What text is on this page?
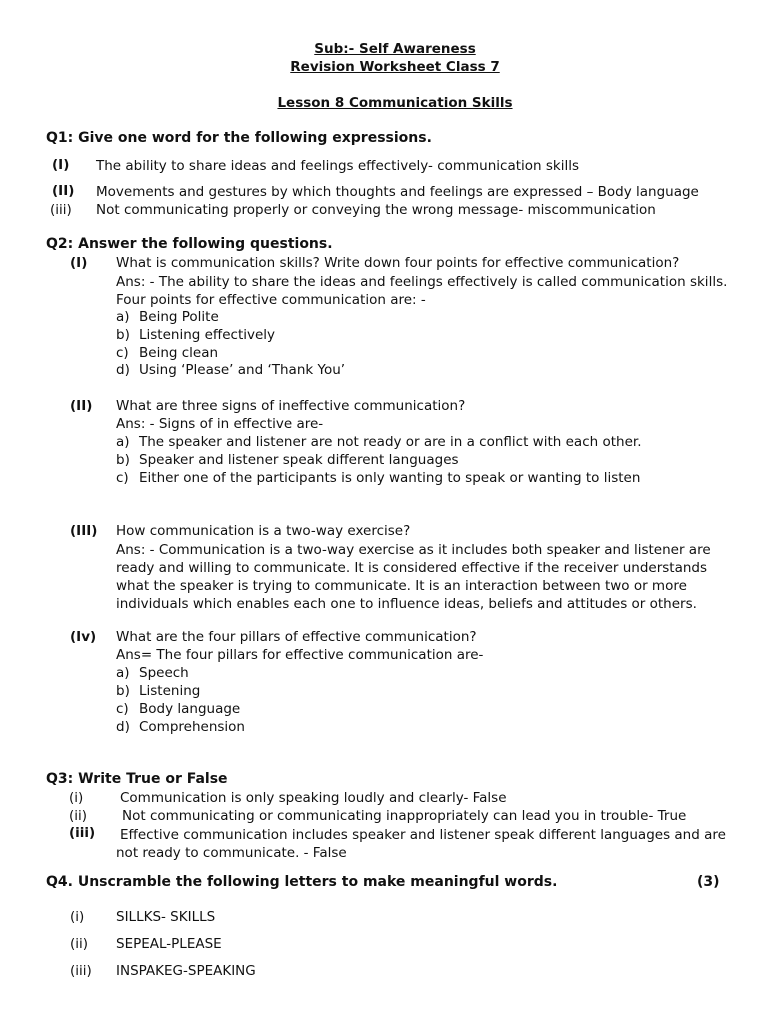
Sub:- Self Awareness
Revision Worksheet Class 7
Lesson 8 Communication Skills
Q1: Give one word for the following expressions.
(I) The ability to share ideas and feelings effectively- communication skills
(II) Movements and gestures by which thoughts and feelings are expressed – Body language
(iii) Not communicating properly or conveying the wrong message- miscommunication
Q2: Answer the following questions.
(I) What is communication skills? Write down four points for effective communication?
Ans: - The ability to share the ideas and feelings effectively is called communication skills. Four points for effective communication are: -
a) Being Polite
b) Listening effectively
c) Being clean
d) Using ‘Please’ and ‘Thank You’
(II) What are three signs of ineffective communication?
Ans: - Signs of in effective are-
a) The speaker and listener are not ready or are in a conflict with each other.
b) Speaker and listener speak different languages
c) Either one of the participants is only wanting to speak or wanting to listen
(III) How communication is a two-way exercise?
Ans: - Communication is a two-way exercise as it includes both speaker and listener are ready and willing to communicate. It is considered effective if the receiver understands what the speaker is trying to communicate. It is an interaction between two or more individuals which enables each one to influence ideas, beliefs and attitudes or others.
(Iv) What are the four pillars of effective communication?
Ans= The four pillars for effective communication are-
a) Speech
b) Listening
c) Body language
d) Comprehension
Q3: Write True or False
(i)	Communication is only speaking loudly and clearly- False
(ii)	Not communicating or communicating inappropriately can lead you in trouble- True
(iii) Effective communication includes speaker and listener speak different languages and are not ready to communicate. - False
Q4. Unscramble the following letters to make meaningful words.	(3)
(i) SILLKS- SKILLS
(ii) SEPEAL-PLEASE
(iii) INSPAKEG-SPEAKING
